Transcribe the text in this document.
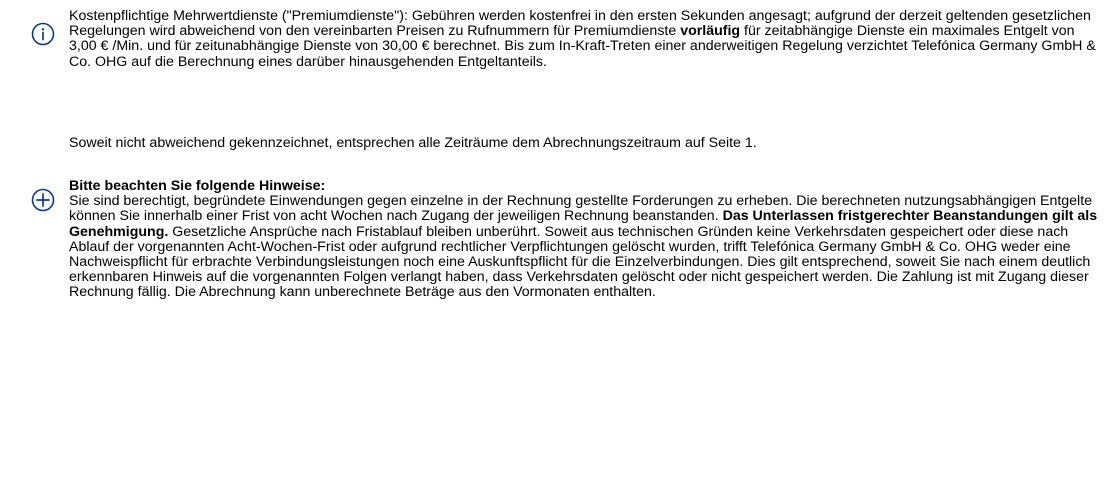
Kostenpflichtige Mehrwertdienste ("Premiumdienste"): Gebühren werden kostenfrei in den ersten Sekunden angesagt; aufgrund der derzeit geltenden gesetzlichen Regelungen wird abweichend von den vereinbarten Preisen zu Rufnummern für Premiumdienste vorläufig für zeitabhängige Dienste ein maximales Entgelt von 3,00 € /Min. und für zeitunabhängige Dienste von 30,00 € berechnet. Bis zum In-Kraft-Treten einer anderweitigen Regelung verzichtet Telefónica Germany GmbH & Co. OHG auf die Berechnung eines darüber hinausgehenden Entgeltanteils.

Soweit nicht abweichend gekennzeichnet, entsprechen alle Zeiträume dem Abrechnungszeitraum auf Seite 1.

Bitte beachten Sie folgende Hinweise:

Sie sind berechtigt, begründete Einwendungen gegen einzelne in der Rechnung gestellte Forderungen zu erheben. Die berechneten nutzungsabhängigen Entgelte können Sie innerhalb einer Frist von acht Wochen nach Zugang der jeweiligen Rechnung beanstanden. Das Unterlassen fristgerechter Beanstandungen gilt als Genehmigung. Gesetzliche Ansprüche nach Fristablauf bleiben unberührt. Soweit aus technischen Gründen keine Verkehrsdaten gespeichert oder diese nach Ablauf der vorgenannten Acht-Wochen-Frist oder aufgrund rechtlicher Verpflichtungen gelöscht wurden, trifft Telefónica Germany GmbH & Co. OHG weder eine Nachweispflicht für erbrachte Verbindungsleistungen noch eine Auskunftspflicht für die Einzelverbindungen. Dies gilt entsprechend, soweit Sie nach einem deutlich erkennbaren Hinweis auf die vorgenannten Folgen verlangt haben, dass Verkehrsdaten gelöscht oder nicht gespeichert werden. Die Zahlung ist mit Zugang dieser Rechnung fällig. Die Abrechnung kann unberechnete Beträge aus den Vormonaten enthalten.
